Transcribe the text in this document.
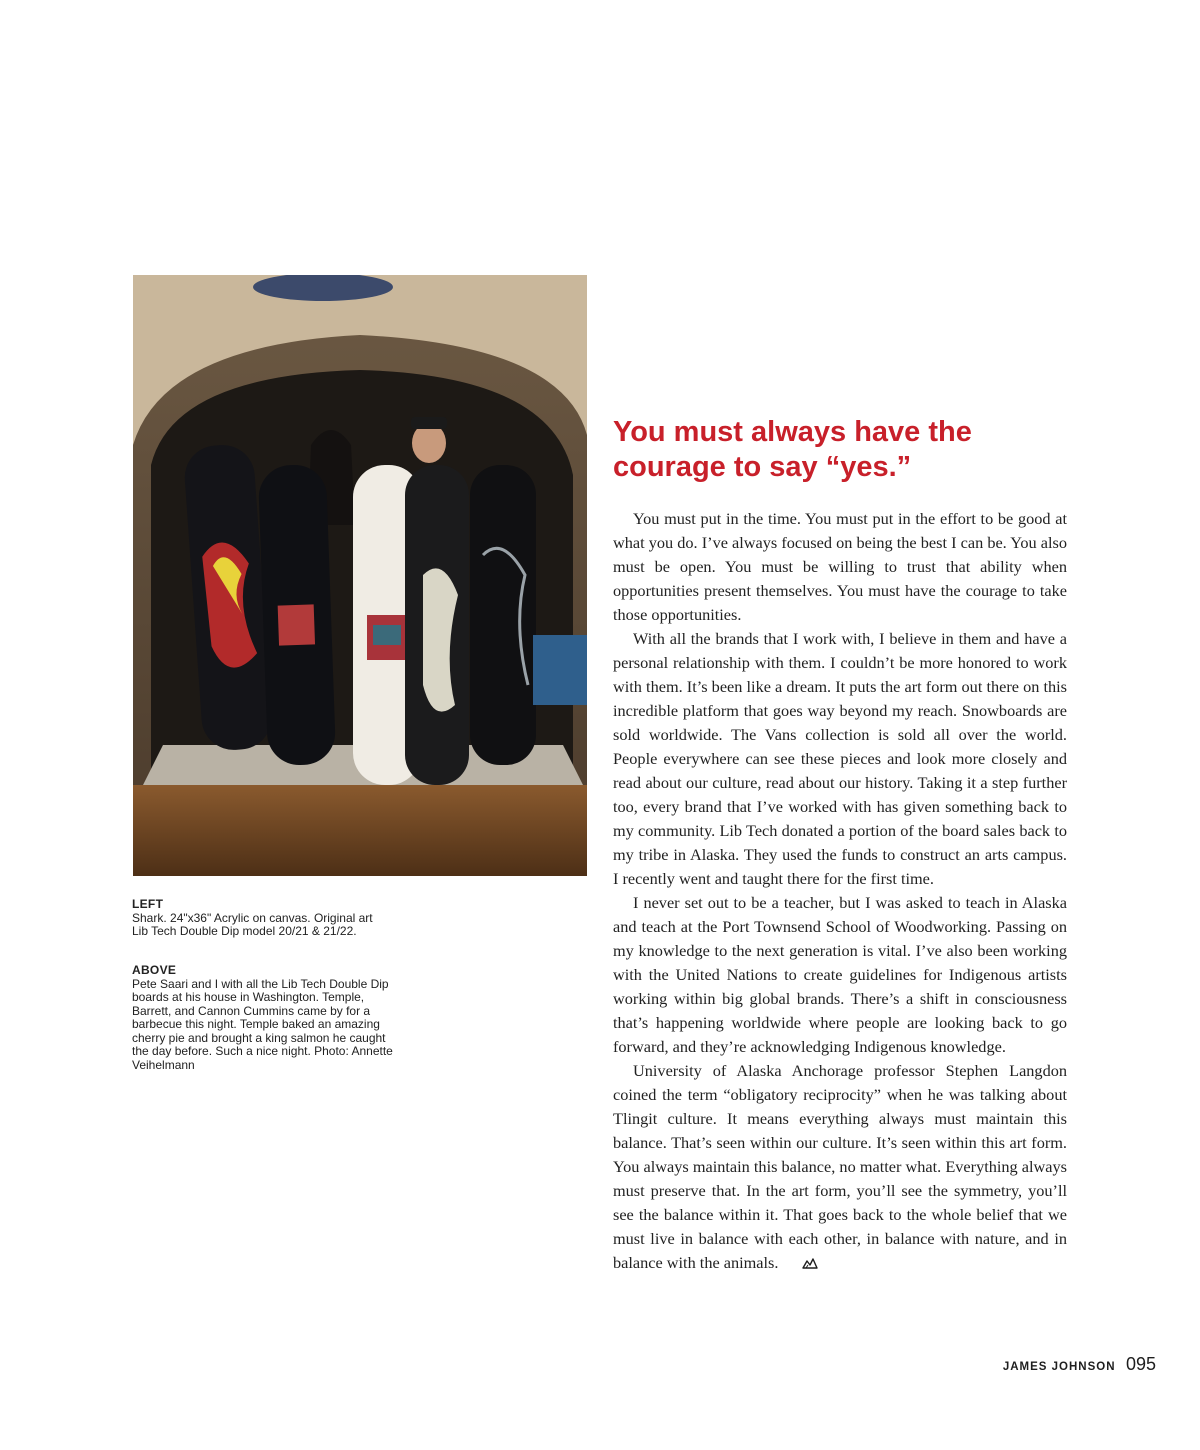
LEFT
Shark. 24"x36" Acrylic on canvas. Original art Lib Tech Double Dip model 20/21 & 21/22.
ABOVE
Pete Saari and I with all the Lib Tech Double Dip boards at his house in Washington. Temple, Barrett, and Cannon Cummins came by for a barbecue this night. Temple baked an amazing cherry pie and brought a king salmon he caught the day before. Such a nice night. Photo: Annette Veihelmann
You must always have the courage to say “yes.”

You must put in the time. You must put in the effort to be good at what you do. I’ve always focused on being the best I can be. You also must be open. You must be willing to trust that ability when opportunities present themselves. You must have the courage to take those opportunities.

With all the brands that I work with, I believe in them and have a personal relationship with them. I couldn’t be more honored to work with them. It’s been like a dream. It puts the art form out there on this incredible platform that goes way beyond my reach. Snowboards are sold worldwide. The Vans collection is sold all over the world. People everywhere can see these pieces and look more closely and read about our culture, read about our history. Taking it a step further too, every brand that I’ve worked with has given something back to my community. Lib Tech donated a portion of the board sales back to my tribe in Alaska. They used the funds to construct an arts campus. I recently went and taught there for the first time.

I never set out to be a teacher, but I was asked to teach in Alaska and teach at the Port Townsend School of Woodworking. Passing on my knowledge to the next generation is vital. I’ve also been working with the United Nations to create guidelines for Indigenous artists working within big global brands. There’s a shift in consciousness that’s happening worldwide where people are looking back to go forward, and they’re acknowledging Indigenous knowledge.

University of Alaska Anchorage professor Stephen Langdon coined the term “obligatory reciprocity” when he was talking about Tlingit culture. It means everything always must maintain this balance. That’s seen within our culture. It’s seen within this art form. You always maintain this balance, no matter what. Everything always must preserve that. In the art form, you’ll see the symmetry, you’ll see the balance within it. That goes back to the whole belief that we must live in balance with each other, in balance with nature, and in balance with the animals.

JAMES JOHNSON 095
